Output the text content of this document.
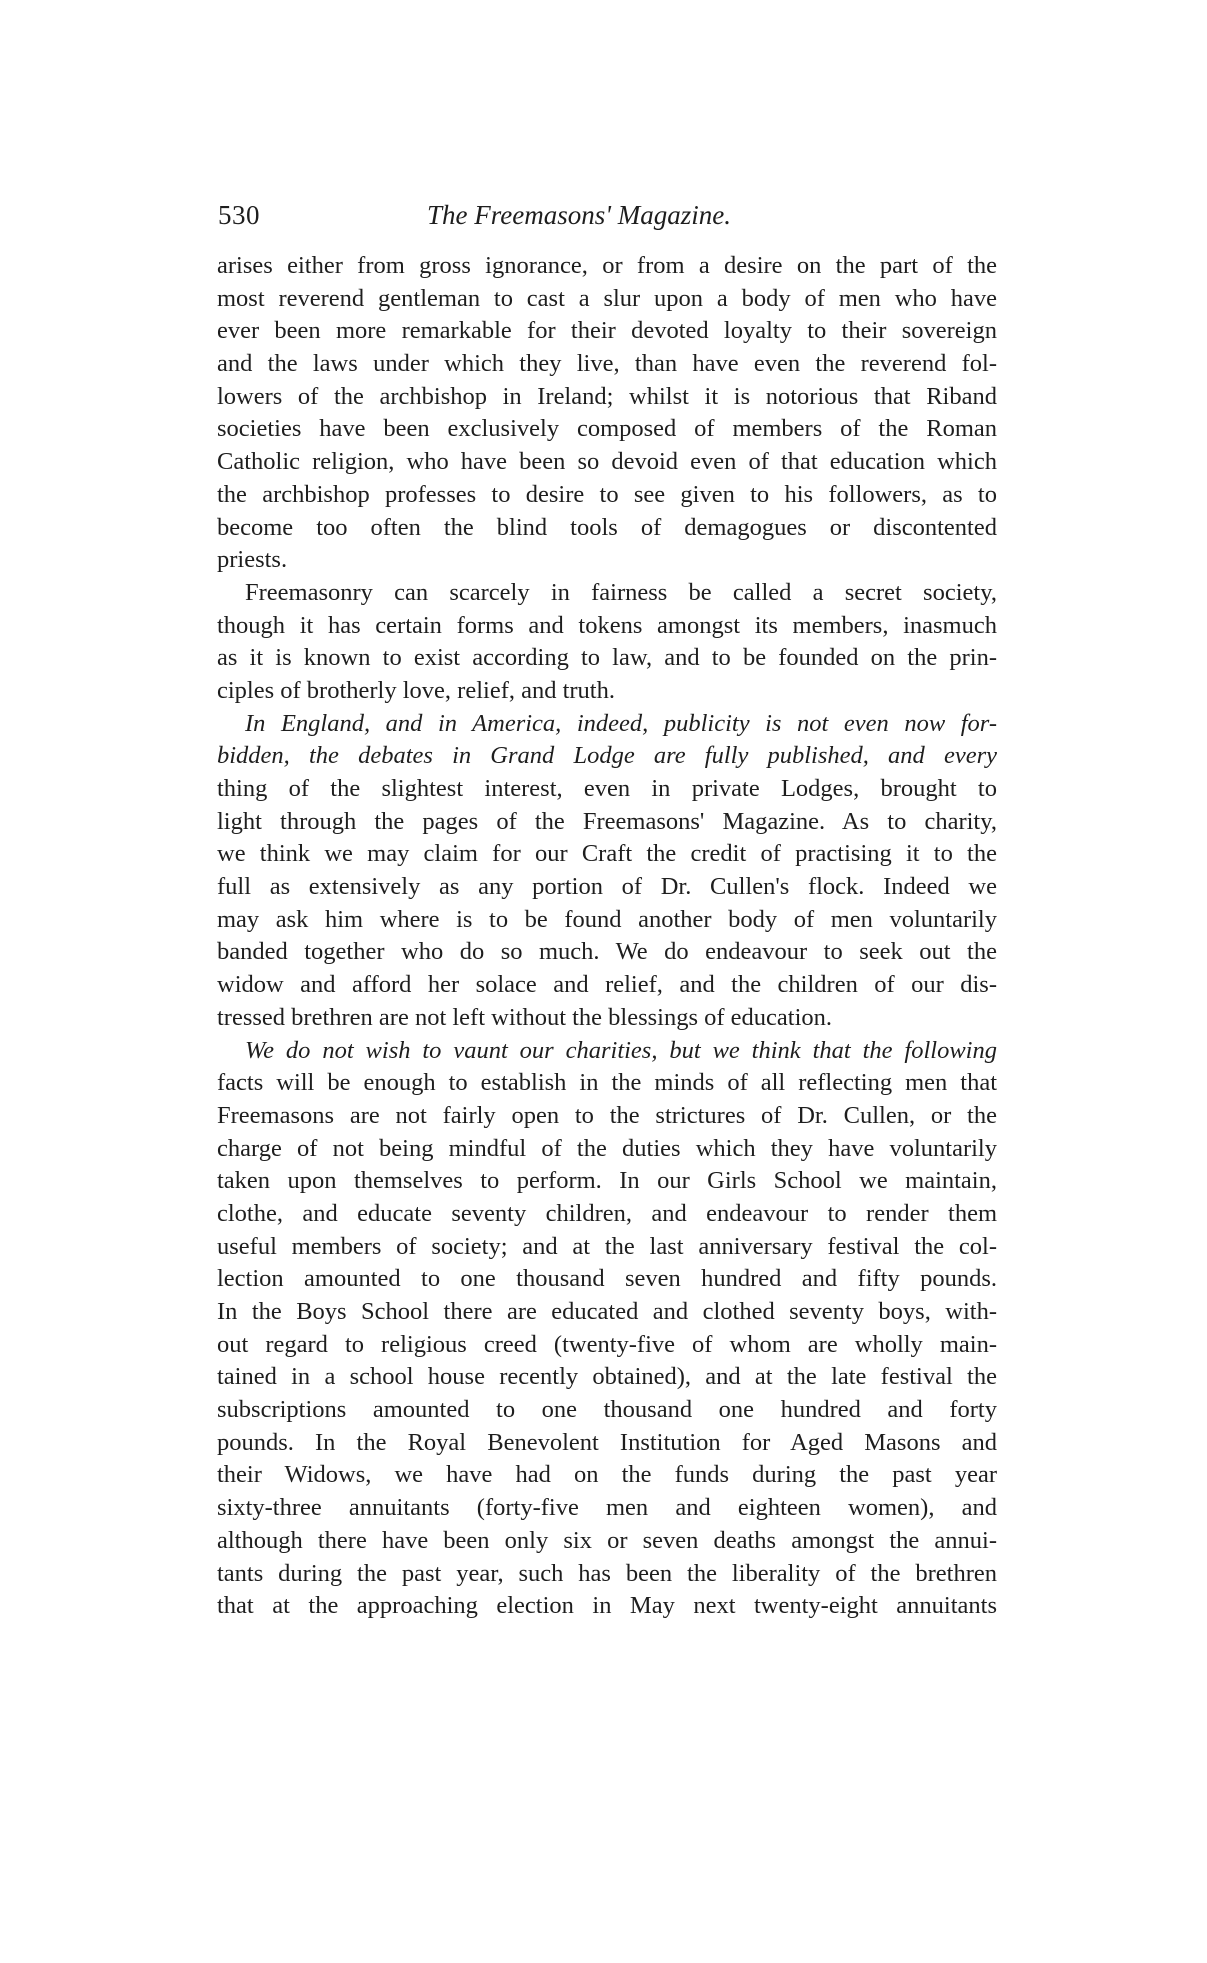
530	The Freemasons' Magazine.
arises either from gross ignorance, or from a desire on the part of the
most reverend gentleman to cast a slur upon a body of men who have
ever been more remarkable for their devoted loyalty to their sovereign
and the laws under which they live, than have even the reverend fol-
lowers of the archbishop in Ireland; whilst it is notorious that Riband
societies have been exclusively composed of members of the Roman
Catholic religion, who have been so devoid even of that education which
the archbishop professes to desire to see given to his followers, as to
become too often the blind tools of demagogues or discontented
priests.
Freemasonry can scarcely in fairness be called a secret society,
though it has certain forms and tokens amongst its members, inasmuch
as it is known to exist according to law, and to be founded on the prin-
ciples of brotherly love, relief, and truth.
In England, and in America, indeed, publicity is not even now for-
bidden, the debates in Grand Lodge are fully published, and every
thing of the slightest interest, even in private Lodges, brought to
light through the pages of the Freemasons' Magazine. As to charity,
we think we may claim for our Craft the credit of practising it to the
full as extensively as any portion of Dr. Cullen's flock. Indeed we
may ask him where is to be found another body of men voluntarily
banded together who do so much. We do endeavour to seek out the
widow and afford her solace and relief, and the children of our dis-
tressed brethren are not left without the blessings of education.
We do not wish to vaunt our charities, but we think that the following
facts will be enough to establish in the minds of all reflecting men that
Freemasons are not fairly open to the strictures of Dr. Cullen, or the
charge of not being mindful of the duties which they have voluntarily
taken upon themselves to perform. In our Girls School we maintain,
clothe, and educate seventy children, and endeavour to render them
useful members of society; and at the last anniversary festival the col-
lection amounted to one thousand seven hundred and fifty pounds.
In the Boys School there are educated and clothed seventy boys, with-
out regard to religious creed (twenty-five of whom are wholly main-
tained in a school house recently obtained), and at the late festival the
subscriptions amounted to one thousand one hundred and forty
pounds. In the Royal Benevolent Institution for Aged Masons and
their Widows, we have had on the funds during the past year
sixty-three annuitants (forty-five men and eighteen women), and
although there have been only six or seven deaths amongst the annui-
tants during the past year, such has been the liberality of the brethren
that at the approaching election in May next twenty-eight annuitants
